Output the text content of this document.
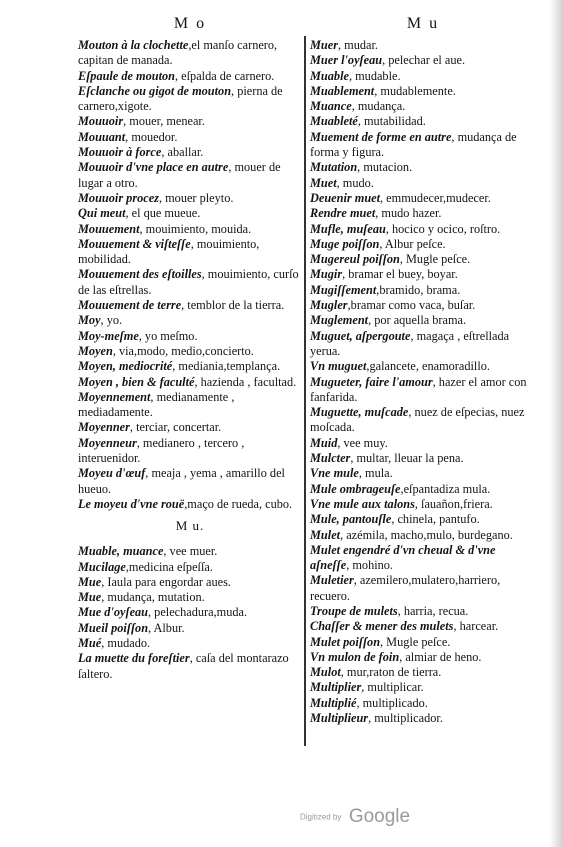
M o

Mouton à la clochette,el manſo carnero, capitan de manada.

Eſpaule de mouton, eſpalda de carnero.

Eſclanche ou gigot de mouton, pierna de carnero,xigote.

Mouuoir, mouer, menear.

Mouuant, mouedor.

Mouuoir à force, aballar.

Mouuoir d'vne place en autre, mouer de lugar a otro.

Mouuoir procez, mouer pleyto.

Qui meut, el que mueue.

Mouuement, mouimiento, mouida.

Mouuement & viſteſſe, mouimiento, mobilidad.

Mouuement des eſtoilles, mouimiento, curſo de las eſtrellas.

Mouuement de terre, temblor de la tierra.

Moy, yo.

Moy-meſme, yo meſmo.

Moyen, via,modo, medio,concierto.

Moyen, mediocrité, mediania,templança.

Moyen , bien & faculté, hazienda , facultad.

Moyennement, medianamente , mediadamente.

Moyenner, terciar, concertar.

Moyenneur, medianero , tercero , interuenidor.

Moyeu d'œuf, meaja , yema , amarillo del hueuo.

Le moyeu d'vne rouë,maço de rueda, cubo.

M u.

Muable, muance, vee muer.

Mucilage,medicina eſpeſſa.

Mue, Iaula para engordar aues.

Mue, mudança, mutation.

Mue d'oyſeau, pelechadura,muda.

Mueil poiſſon, Albur.

Mué, mudado.

La muette du foreſtier, caſa del montarazo ſaltero.

M u

Muer, mudar.

Muer l'oyſeau, pelechar el aue.

Muable, mudable.

Muablement, mudablemente.

Muance, mudança.

Muableté, mutabilidad.

Muement de forme en autre, mudança de forma y figura.

Mutation, mutacion.

Muet, mudo.

Deuenir muet, emmudecer,mudecer.

Rendre muet, mudo hazer.

Mufle, muſeau, hocico y ocico, roſtro.

Muge poiſſon, Albur peſce.

Mugereul poiſſon, Mugle peſce.

Mugir, bramar el buey, boyar.

Mugiſſement,bramido, brama.

Mugler,bramar como vaca, buſar.

Muglement, por aquella brama.

Muguet, aſpergoute, magaça , eſtrellada yerua.

Vn muguet,galancete, enamoradillo.

Mugueter, faire l'amour, hazer el amor con fanfarida.

Muguette, muſcade, nuez de eſpecias, nuez moſcada.

Muid, vee muy.

Mulcter, multar, lleuar la pena.

Vne mule, mula.

Mule ombrageuſe,eſpantadiza mula.

Vne mule aux talons, ſauañon,friera.

Mule, pantouſle, chinela, pantufo.

Mulet, azémila, macho,mulo, burdegano.

Mulet engendré d'vn cheual & d'vne aſneſſe, mohino.

Muletier, azemilero,mulatero,harriero, recuero.

Troupe de mulets, harria, recua.

Chaſſer & mener des mulets, harcear.

Mulet poiſſon, Mugle peſce.

Vn mulon de foin, almiar de heno.

Mulot, mur,raton de tierra.

Multiplier, multiplicar.

Multiplié, multiplicado.

Multiplieur, multiplicador.

Digitized by Google
